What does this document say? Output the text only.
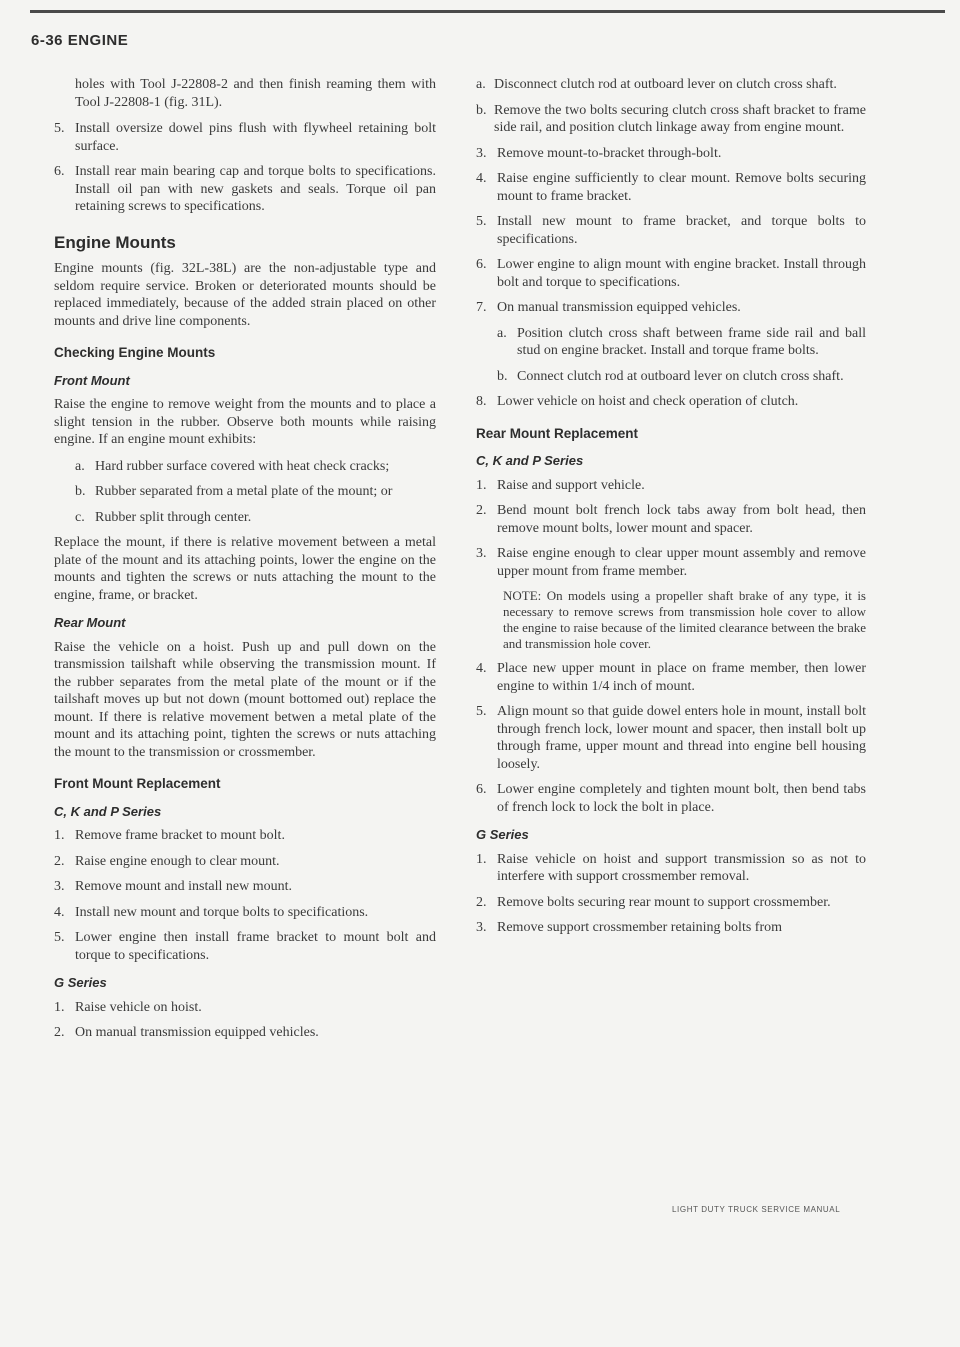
6-36 ENGINE

holes with Tool J-22808-2 and then finish reaming them with Tool J-22808-1 (fig. 31L).

5. Install oversize dowel pins flush with flywheel retaining bolt surface.
6. Install rear main bearing cap and torque bolts to specifications. Install oil pan with new gaskets and seals. Torque oil pan retaining screws to specifications.
Engine Mounts

Engine mounts (fig. 32L-38L) are the non-adjustable type and seldom require service. Broken or deteriorated mounts should be replaced immediately, because of the added strain placed on other mounts and drive line components.

Checking Engine Mounts
Front Mount

Raise the engine to remove weight from the mounts and to place a slight tension in the rubber. Observe both mounts while raising engine. If an engine mount exhibits:

a. Hard rubber surface covered with heat check cracks;
b. Rubber separated from a metal plate of the mount; or
c. Rubber split through center.

Replace the mount, if there is relative movement between a metal plate of the mount and its attaching points, lower the engine on the mounts and tighten the screws or nuts attaching the mount to the engine, frame, or bracket.

Rear Mount

Raise the vehicle on a hoist. Push up and pull down on the transmission tailshaft while observing the transmission mount. If the rubber separates from the metal plate of the mount or if the tailshaft moves up but not down (mount bottomed out) replace the mount. If there is relative movement betwen a metal plate of the mount and its attaching point, tighten the screws or nuts attaching the mount to the transmission or crossmember.

Front Mount Replacement
C, K and P Series
1. Remove frame bracket to mount bolt.
2. Raise engine enough to clear mount.
3. Remove mount and install new mount.
4. Install new mount and torque bolts to specifications.
5. Lower engine then install frame bracket to mount bolt and torque to specifications.
G Series
1. Raise vehicle on hoist.
2. On manual transmission equipped vehicles.
a. Disconnect clutch rod at outboard lever on clutch cross shaft.
b. Remove the two bolts securing clutch cross shaft bracket to frame side rail, and position clutch linkage away from engine mount.
3. Remove mount-to-bracket through-bolt.
4. Raise engine sufficiently to clear mount. Remove bolts securing mount to frame bracket.
5. Install new mount to frame bracket, and torque bolts to specifications.
6. Lower engine to align mount with engine bracket. Install through bolt and torque to specifications.
7. On manual transmission equipped vehicles.
a. Position clutch cross shaft between frame side rail and ball stud on engine bracket. Install and torque frame bolts.
b. Connect clutch rod at outboard lever on clutch cross shaft.
8. Lower vehicle on hoist and check operation of clutch.
Rear Mount Replacement
C, K and P Series
1. Raise and support vehicle.
2. Bend mount bolt french lock tabs away from bolt head, then remove mount bolts, lower mount and spacer.
3. Raise engine enough to clear upper mount assembly and remove upper mount from frame member.

NOTE: On models using a propeller shaft brake of any type, it is necessary to remove screws from transmission hole cover to allow the engine to raise because of the limited clearance between the brake and transmission hole cover.

4. Place new upper mount in place on frame member, then lower engine to within 1/4 inch of mount.
5. Align mount so that guide dowel enters hole in mount, install bolt through french lock, lower mount and spacer, then install bolt up through frame, upper mount and thread into engine bell housing loosely.
6. Lower engine completely and tighten mount bolt, then bend tabs of french lock to lock the bolt in place.
G Series
1. Raise vehicle on hoist and support transmission so as not to interfere with support crossmember removal.
2. Remove bolts securing rear mount to support crossmember.
3. Remove support crossmember retaining bolts from
LIGHT DUTY TRUCK SERVICE MANUAL
